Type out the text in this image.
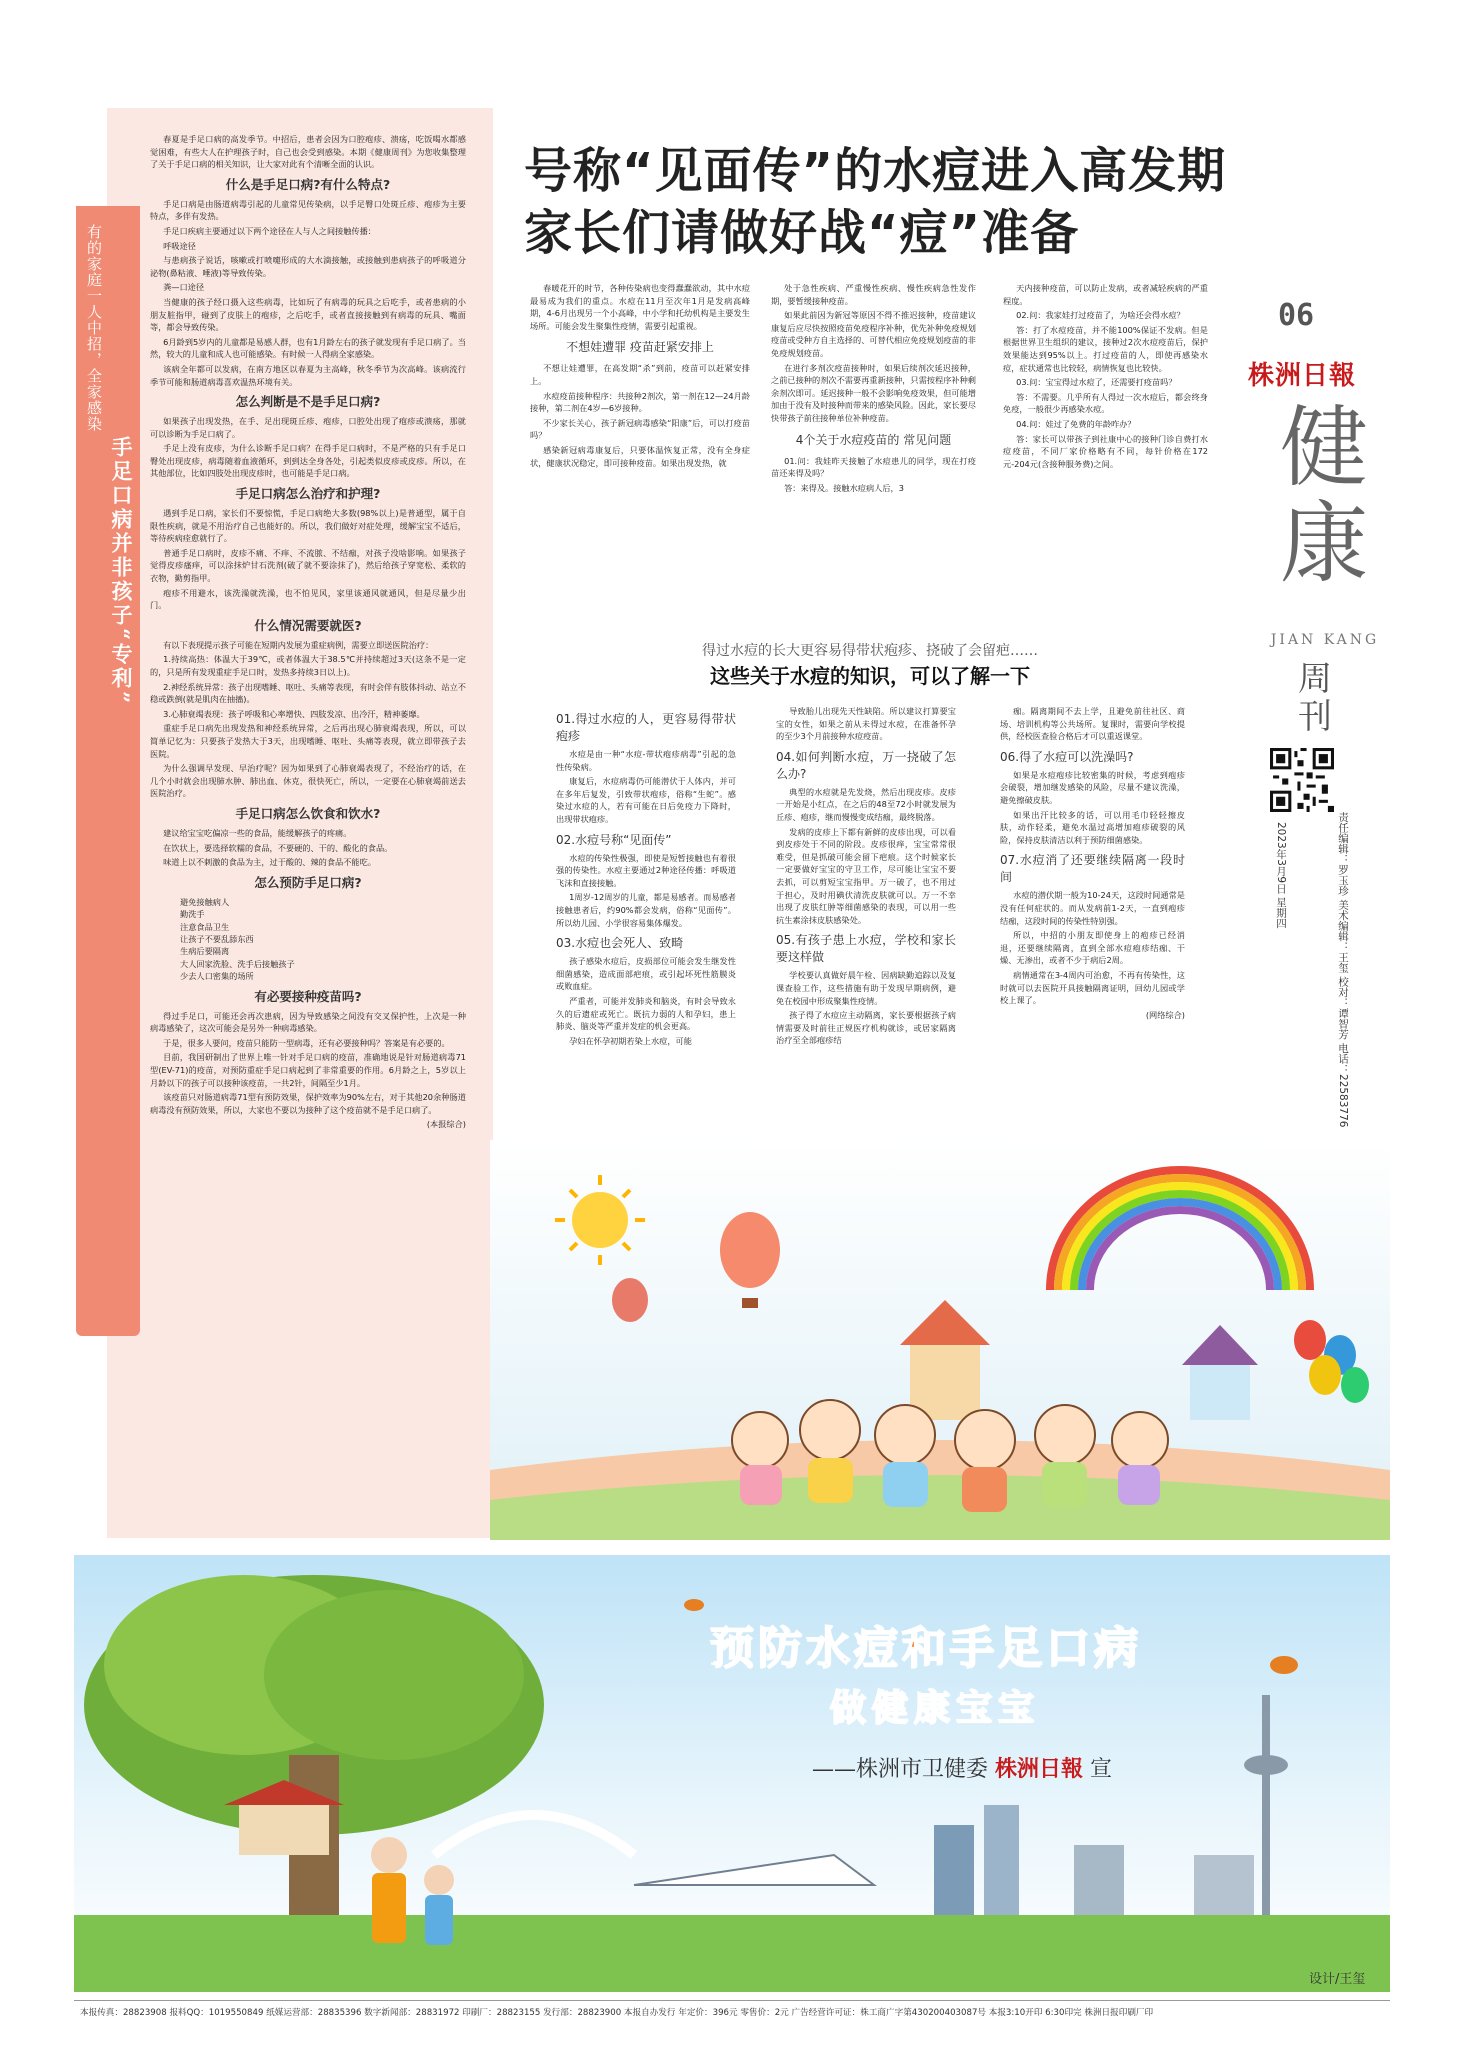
有的家庭一人中招，全家感染
手足口病并非孩子“专利”

春夏是手足口病的高发季节。中招后，患者会因为口腔疱疹、溃疡，吃饭喝水都感觉困难，有些大人在护理孩子时，自己也会受到感染。本期《健康周刊》为您收集整理了关于手足口病的相关知识，让大家对此有个清晰全面的认识。

什么是手足口病?有什么特点?

手足口病是由肠道病毒引起的儿童常见传染病，以手足臀口处斑丘疹、疱疹为主要特点，多伴有发热。

手足口疾病主要通过以下两个途径在人与人之间接触传播：

呼吸途径

与患病孩子说话，咳嗽或打喷嚏形成的大水滴接触，或接触到患病孩子的呼吸道分泌物(鼻粘液、唾液)等导致传染。

粪—口途径

当健康的孩子经口摄入这些病毒，比如玩了有病毒的玩具之后吃手，或者患病的小朋友脏指甲，碰到了皮肤上的疱疹，之后吃手，或者直接接触到有病毒的玩具、嘴面等，都会导致传染。

6月龄到5岁内的儿童都是易感人群，也有1月龄左右的孩子就发现有手足口病了。当然，较大的儿童和成人也可能感染。有时候一人得病全家感染。

该病全年都可以发病，在南方地区以春夏为主高峰，秋冬季节为次高峰。该病流行季节可能和肠道病毒喜欢温热环境有关。

怎么判断是不是手足口病?

如果孩子出现发热，在手、足出现斑丘疹、疱疹，口腔处出现了疱疹或溃疡，那就可以诊断为手足口病了。

手足上没有皮疹，为什么诊断手足口病？在得手足口病时，不是严格的只有手足口臀处出现皮疹，病毒随着血液循环，到到达全身各处，引起类似皮疹或皮疹。所以，在其他部位，比如四肢处出现皮疹时，也可能是手足口病。

手足口病怎么治疗和护理?

遇到手足口病，家长们不要惊慌，手足口病绝大多数(98%以上)是普通型，属于自限性疾病，就是不用治疗自己也能好的。所以，我们做好对症处理，缓解宝宝不适后，等待疾病痊愈就行了。

普通手足口病时，皮疹不痛、不痒、不流脓、不结痂，对孩子没啥影响。如果孩子觉得皮疹瘙痒，可以涂抹炉甘石洗剂(破了就不要涂抹了)，然后给孩子穿宽松、柔软的衣物，勤剪指甲。

疱疹不用避水，该洗澡就洗澡，也不怕见风，家里该通风就通风，但是尽量少出门。

什么情况需要就医?

有以下表现提示孩子可能在短期内发展为重症病例，需要立即送医院治疗：

1.持续高热：体温大于39℃，或者体温大于38.5℃并持续超过3天(这条不是一定的，只是所有发现重症手足口时，发热多持续3日以上)。

2.神经系统异常：孩子出现嗜睡、呕吐、头痛等表现，有时会伴有肢体抖动、站立不稳或跌倒(就是肌肉在抽搐)。

3.心肺衰竭表现：孩子呼吸和心率增快、四肢发凉、出冷汗，精神萎靡。

重症手足口病先出现发热和神经系统异常，之后再出现心肺衰竭表现，所以，可以简单记忆为：只要孩子发热大于3天，出现嗜睡、呕吐、头痛等表现，就立即带孩子去医院。

为什么强调早发现、早治疗呢？因为如果到了心肺衰竭表现了，不经治疗的话，在几个小时就会出现肺水肿、肺出血、休克，很快死亡，所以，一定要在心肺衰竭前送去医院治疗。

手足口病怎么饮食和饮水?

建议给宝宝吃偏凉一些的食品，能缓解孩子的疼痛。

在饮状上，要选择软糯的食品，不要硬的、干的、酸化的食品。

味道上以不刺激的食品为主，过于酸的、辣的食品不能吃。

怎么预防手足口病?

避免接触病人

勤洗手

注意食品卫生

让孩子不要乱舔东西

生病后要隔离

大人回家洗脸、洗手后接触孩子

少去人口密集的场所

有必要接种疫苗吗?

得过手足口，可能还会再次患病，因为导致感染之间没有交叉保护性，上次是一种病毒感染了，这次可能会是另外一种病毒感染。

于是，很多人要问，疫苗只能防一型病毒，还有必要接种吗？答案是有必要的。

目前，我国研制出了世界上唯一针对手足口病的疫苗，准确地说是针对肠道病毒71型(EV-71)的疫苗，对预防重症手足口病起到了非常重要的作用。6月龄之上，5岁以上月龄以下的孩子可以接种该疫苗，一共2针，间隔至少1月。

该疫苗只对肠道病毒71型有预防效果，保护效率为90%左右，对于其他20余种肠道病毒没有预防效果，所以，大家也不要以为接种了这个疫苗就不是手足口病了。

(本报综合)

号称“见面传”的水痘进入高发期
家长们请做好战“痘”准备
06
株洲日報
健康
JIAN KANG
周刊
2023年3月9日 星期四	责任编辑：罗玉珍 美术编辑：王玺 校对：谭智芳 电话：22583776

春暖花开的时节，各种传染病也变得蠢蠢欲动，其中水痘最易成为我们的重点。水痘在11月至次年1月是发病高峰期，4-6月出现另一个小高峰，中小学和托幼机构是主要发生场所。可能会发生聚集性疫情，需要引起重视。

不想娃遭罪 疫苗赶紧安排上

不想让娃遭罪，在高发期“杀”到前，疫苗可以赶紧安排上。

水痘疫苗接种程序：共接种2剂次，第一剂在12—24月龄接种，第二剂在4岁—6岁接种。

不少家长关心，孩子新冠病毒感染“阳康”后，可以打疫苗吗？

感染新冠病毒康复后，只要体温恢复正常，没有全身症状，健康状况稳定，即可接种疫苗。如果出现发热，就

处于急性疾病、严重慢性疾病、慢性疾病急性发作期，要暂缓接种疫苗。

如果此前因为新冠等原因不得不推迟接种，疫苗建议康复后应尽快按照疫苗免疫程序补种，优先补种免疫规划疫苗或受种方自主选择的、可替代相应免疫规划疫苗的非免疫规划疫苗。

在进行多剂次疫苗接种时，如果后续剂次延迟接种，之前已接种的剂次不需要再重新接种，只需按程序补种剩余剂次即可。延迟接种一般不会影响免疫效果，但可能增加由于没有及时接种而带来的感染风险。因此，家长要尽快带孩子前往接种单位补种疫苗。

4个关于水痘疫苗的 常见问题

01.问：我娃昨天接触了水痘患儿的同学，现在打疫苗还来得及吗？

答：来得及。接触水痘病人后，3

天内接种疫苗，可以防止发病，或者减轻疾病的严重程度。

02.问：我家娃打过疫苗了，为啥还会得水痘？

答：打了水痘疫苗，并不能100%保证不发病。但是根据世界卫生组织的建议，接种过2次水痘疫苗后，保护效果能达到95%以上。打过疫苗的人，即使再感染水痘，症状通常也比较轻，病情恢复也比较快。

03.问：宝宝得过水痘了，还需要打疫苗吗？

答：不需要。几乎所有人得过一次水痘后，都会终身免疫，一般很少再感染水痘。

04.问：娃过了免费的年龄咋办？

答：家长可以带孩子到社康中心的接种门诊自费打水痘疫苗，不同厂家价格略有不同，每针价格在172元-204元(含接种服务费)之间。

得过水痘的长大更容易得带状疱疹、挠破了会留疤……
这些关于水痘的知识，可以了解一下

01.得过水痘的人，更容易得带状疱疹

水痘是由一种“水痘-带状疱疹病毒”引起的急性传染病。

康复后，水痘病毒仍可能潜伏于人体内，并可在多年后复发，引致带状疱疹，俗称“生蛇”。感染过水痘的人，若有可能在日后免疫力下降时，出现带状疱疹。

02.水痘号称“见面传”

水痘的传染性极强，即使是短暂接触也有着很强的传染性。水痘主要通过2种途径传播：呼吸道飞沫和直接接触。

1周岁-12周岁的儿童，都是易感者。而易感者接触患者后，约90%都会发病，俗称“见面传”。所以幼儿园、小学很容易集体爆发。

03.水痘也会死人、致畸

孩子感染水痘后，皮损部位可能会发生继发性细菌感染，造成面部疤痕，或引起坏死性筋膜炎或败血症。

严重者，可能并发肺炎和脑炎，有时会导致永久的后遗症或死亡。既抗力弱的人和孕妇，患上肺炎、脑炎等严重并发症的机会更高。

孕妇在怀孕初期若染上水痘，可能

导致胎儿出现先天性缺陷。所以建议打算要宝宝的女性，如果之前从未得过水痘，在准备怀孕的至少3个月前接种水痘疫苗。

04.如何判断水痘，万一挠破了怎么办?

典型的水痘就是先发烧，然后出现皮疹。皮疹一开始是小红点，在之后的48至72小时就发展为丘疹、疱疹，继而慢慢变成结痂，最终脱落。

发病的皮疹上下都有新鲜的皮疹出现，可以看到皮疹处于不同的阶段。皮疹很痒，宝宝常常很难受，但是抓破可能会留下疤痕。这个时候家长一定要做好宝宝的守卫工作，尽可能让宝宝不要去抓，可以剪短宝宝指甲。万一破了，也不用过于担心，及时用碘伏清洗皮肤就可以。万一不幸出现了皮肤红肿等细菌感染的表现，可以用一些抗生素涂抹皮肤感染处。

05.有孩子患上水痘，学校和家长要这样做

学校要认真做好晨午检、因病缺勤追踪以及复课查验工作，这些措施有助于发现早期病例，避免在校园中形成聚集性疫情。

孩子得了水痘应主动隔离，家长要根据孩子病情需要及时前往正规医疗机构就诊，或居家隔离治疗至全部疱疹结

痂。隔离期间不去上学，且避免前往社区、商场、培训机构等公共场所。复课时，需要向学校提供，经校医查验合格后才可以重返课堂。

06.得了水痘可以洗澡吗?

如果是水痘疱疹比较密集的时候，考虑到疱疹会破裂，增加继发感染的风险，尽量不建议洗澡，避免擦破皮肤。

如果出汗比较多的话，可以用毛巾轻轻擦皮肤，动作轻柔，避免水温过高增加疱疹破裂的风险，保持皮肤清洁以利于预防细菌感染。

07.水痘消了还要继续隔离一段时间

水痘的潜伏期一般为10-24天，这段时间通常是没有任何症状的。而从发病前1-2天，一直到疱疹结痂，这段时间的传染性特别强。

所以，中招的小朋友即使身上的疱疹已经消退，还要继续隔离，直到全部水痘疱疹结痂、干燥、无渗出，或者不少于病后2周。

病情通常在3-4周内可治愈，不再有传染性，这时就可以去医院开具接触隔离证明，回幼儿园或学校上课了。

(网络综合)

预防水痘和手足口病
做健康宝宝
——株洲市卫健委 株洲日報 宣
设计/王玺
本报传真：28823908 报料QQ：1019550849 纸媒运营部：28835396 数字新闻部：28831972 印刷厂：28823155 发行部：28823900 本报自办发行 年定价：396元 零售价：2元 广告经营许可证：株工商广字第430200403087号 本报3:10开印 6:30印完 株洲日报印刷厂印
